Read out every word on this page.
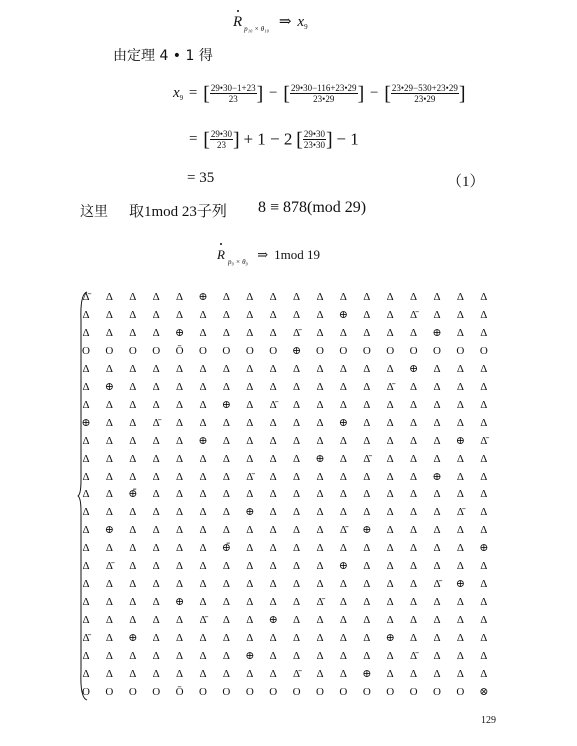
R $_{p_{10} \times \theta_{10}}$ ⇒ $x_9$
由定理 4 • 1 得
$x_9$ = [ $\frac{29•30-1+23}{23}$ ] − [ $\frac{29•30-116+23•29}{23•29}$ ] − [ $\frac{23•29-530+23•29}{23•29}$ ]
= [ $\frac{29•30}{23}$ ] + 1 − 2 [ $\frac{29•30}{23•30}$ ] − 1
= 35	（1）
这里 取1mod 23子列 8 ≡ 878(mod 29)
R $_{p_9 \times \theta_9}$ ⇒ 1mod 19
Δ̄	Δ	Δ	Δ	Δ	⊕	Δ	Δ	Δ	Δ	Δ	Δ	Δ	Δ	Δ	Δ	Δ	Δ
Δ	Δ	Δ	Δ	Δ	Δ	Δ	Δ	Δ	Δ	Δ	⊕	Δ	Δ	Δ̄	Δ	Δ	Δ
Δ	Δ	Δ	Δ	⊕	Δ	Δ	Δ	Δ	Δ̄	Δ	Δ	Δ	Δ	Δ	⊕	Δ	Δ
O	O	O	O	Ō	O	O	O	O	⊕	O	O	O	O	O	O	O	O
Δ	Δ	Δ	Δ	Δ	Δ	Δ	Δ	Δ	Δ	Δ	Δ	Δ	Δ	⊕	Δ	Δ	Δ
Δ	⊕	Δ	Δ	Δ	Δ	Δ	Δ	Δ	Δ	Δ	Δ	Δ	Δ̄	Δ	Δ	Δ	Δ
Δ	Δ	Δ	Δ	Δ	Δ	⊕	Δ	Δ̄	Δ	Δ	Δ	Δ	Δ	Δ	Δ	Δ	Δ
⊕	Δ	Δ	Δ̄	Δ	Δ	Δ	Δ	Δ	Δ	Δ	⊕	Δ	Δ	Δ	Δ	Δ	Δ
Δ	Δ	Δ	Δ	Δ	⊕	Δ	Δ	Δ	Δ	Δ	Δ	Δ	Δ	Δ	Δ	⊕	Δ̄
Δ	Δ	Δ	Δ	Δ	Δ	Δ	Δ	Δ	Δ	⊕	Δ	Δ̄	Δ	Δ	Δ	Δ	Δ
Δ	Δ	Δ	Δ	Δ	Δ	Δ	Δ̄	Δ	Δ	Δ	Δ	Δ	Δ	Δ	⊕	Δ	Δ
Δ	Δ	⊕̄	Δ	Δ	Δ	Δ	Δ	Δ	Δ	Δ	Δ	Δ	Δ	Δ	Δ	Δ	Δ
Δ	Δ	Δ	Δ	Δ	Δ	Δ	⊕	Δ	Δ	Δ	Δ	Δ	Δ	Δ	Δ	Δ̄	Δ
Δ	⊕	Δ	Δ	Δ	Δ	Δ	Δ	Δ	Δ	Δ	Δ̄	⊕	Δ	Δ	Δ	Δ	Δ
Δ	Δ	Δ	Δ	Δ	Δ	⊕̄	Δ	Δ	Δ	Δ	Δ	Δ	Δ	Δ	Δ	Δ	⊕
Δ	Δ̄	Δ	Δ	Δ	Δ	Δ	Δ	Δ	Δ	Δ	⊕	Δ	Δ	Δ	Δ	Δ	Δ
Δ	Δ	Δ	Δ	Δ	Δ	Δ	Δ	Δ	Δ	Δ	Δ	Δ	Δ	Δ	Δ̄	⊕	Δ
Δ	Δ	Δ	Δ	⊕	Δ	Δ	Δ	Δ	Δ	Δ̄	Δ	Δ	Δ	Δ	Δ	Δ	Δ
Δ	Δ	Δ	Δ	Δ	Δ̄	Δ	Δ	⊕	Δ	Δ	Δ	Δ	Δ	Δ	Δ	Δ	Δ
Δ̄	Δ	⊕	Δ	Δ	Δ	Δ	Δ	Δ	Δ	Δ	Δ	Δ	⊕	Δ	Δ	Δ	Δ
Δ	Δ	Δ	Δ	Δ	Δ	Δ	⊕	Δ	Δ	Δ	Δ	Δ	Δ	Δ̄	Δ	Δ	Δ
Δ	Δ	Δ	Δ	Δ	Δ	Δ	Δ	Δ	Δ̄	Δ	Δ	⊕	Δ	Δ	Δ	Δ	Δ
O	O	O	O	Ō	O	O	O	O	O	O	O	O	O	O	O	O	⊗
129
